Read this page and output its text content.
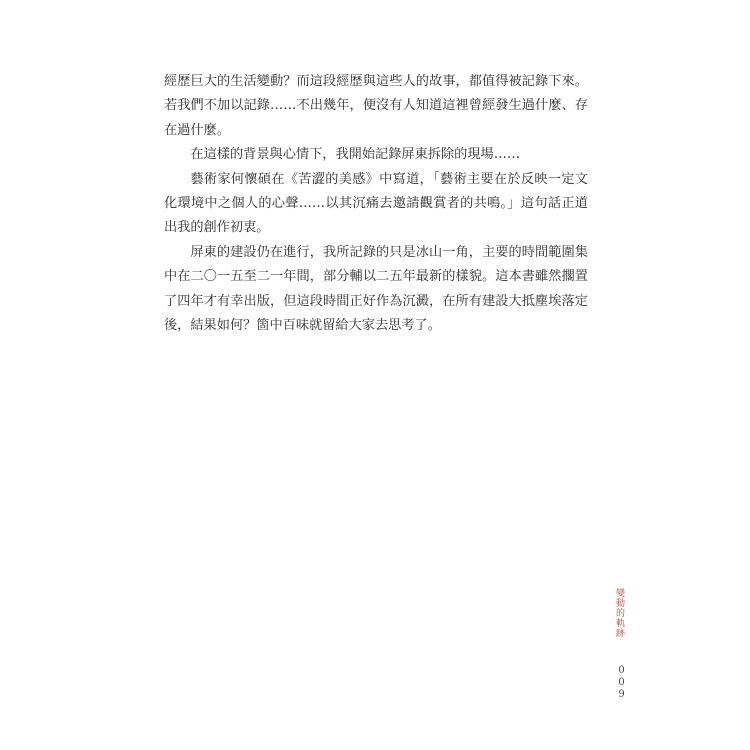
經歷巨大的生活變動？而這段經歷與這些人的故事，都值得被記錄下來。若我們不加以記錄……不出幾年，便沒有人知道這裡曾經發生過什麼、存在過什麼。

在這樣的背景與心情下，我開始記錄屏東拆除的現場……

藝術家何懷碩在《苦澀的美感》中寫道，「藝術主要在於反映一定文化環境中之個人的心聲……以其沉痛去邀請觀賞者的共鳴。」這句話正道出我的創作初衷。

屏東的建設仍在進行，我所記錄的只是冰山一角，主要的時間範圍集中在二〇一五至二一年間，部分輔以二五年最新的樣貌。這本書雖然擱置了四年才有幸出版，但這段時間正好作為沉澱，在所有建設大抵塵埃落定後，結果如何？箇中百味就留給大家去思考了。

變動的軌跡
009
